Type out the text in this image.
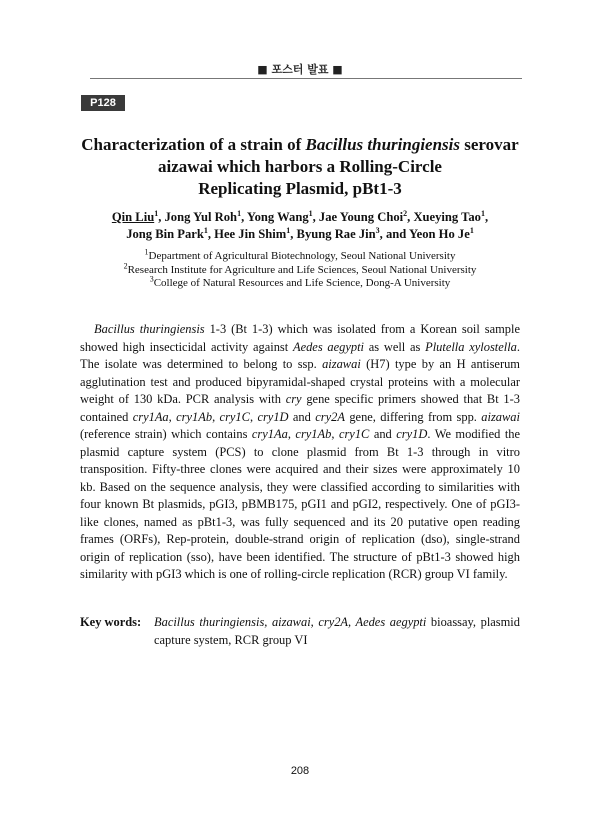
■ 포스터 발표 ■
P128
Characterization of a strain of Bacillus thuringiensis serovar
aizawai which harbors a Rolling-Circle
Replicating Plasmid, pBt1-3
Qin Liu$^1$, Jong Yul Roh$^1$, Yong Wang$^1$, Jae Young Choi$^2$, Xueying Tao$^1$,
Jong Bin Park$^1$, Hee Jin Shim$^1$, Byung Rae Jin$^3$, and Yeon Ho Je$^1$
$^1$Department of Agricultural Biotechnology, Seoul National University
$^2$Research Institute for Agriculture and Life Sciences, Seoul National University
$^3$College of Natural Resources and Life Science, Dong-A University
Bacillus thuringiensis 1-3 (Bt 1-3) which was isolated from a Korean soil sample showed high insecticidal activity against Aedes aegypti as well as Plutella xylostella. The isolate was determined to belong to ssp. aizawai (H7) type by an H antiserum agglutination test and produced bipyramidal-shaped crystal proteins with a molecular weight of 130 kDa. PCR analysis with cry gene specific primers showed that Bt 1-3 contained cry1Aa, cry1Ab, cry1C, cry1D and cry2A gene, differing from spp. aizawai (reference strain) which contains cry1Aa, cry1Ab, cry1C and cry1D. We modified the plasmid capture system (PCS) to clone plasmid from Bt 1-3 through in vitro transposition. Fifty-three clones were acquired and their sizes were approximately 10 kb. Based on the sequence analysis, they were classified according to similarities with four known Bt plasmids, pGI3, pBMB175, pGI1 and pGI2, respectively. One of pGI3-like clones, named as pBt1-3, was fully sequenced and its 20 putative open reading frames (ORFs), Rep-protein, double-strand origin of replication (dso), single-strand origin of replication (sso), have been identified. The structure of pBt1-3 showed high similarity with pGI3 which is one of rolling-circle replication (RCR) group VI family.
Key words: Bacillus thuringiensis, aizawai, cry2A, Aedes aegypti bioassay, plasmid capture system, RCR group VI
208
